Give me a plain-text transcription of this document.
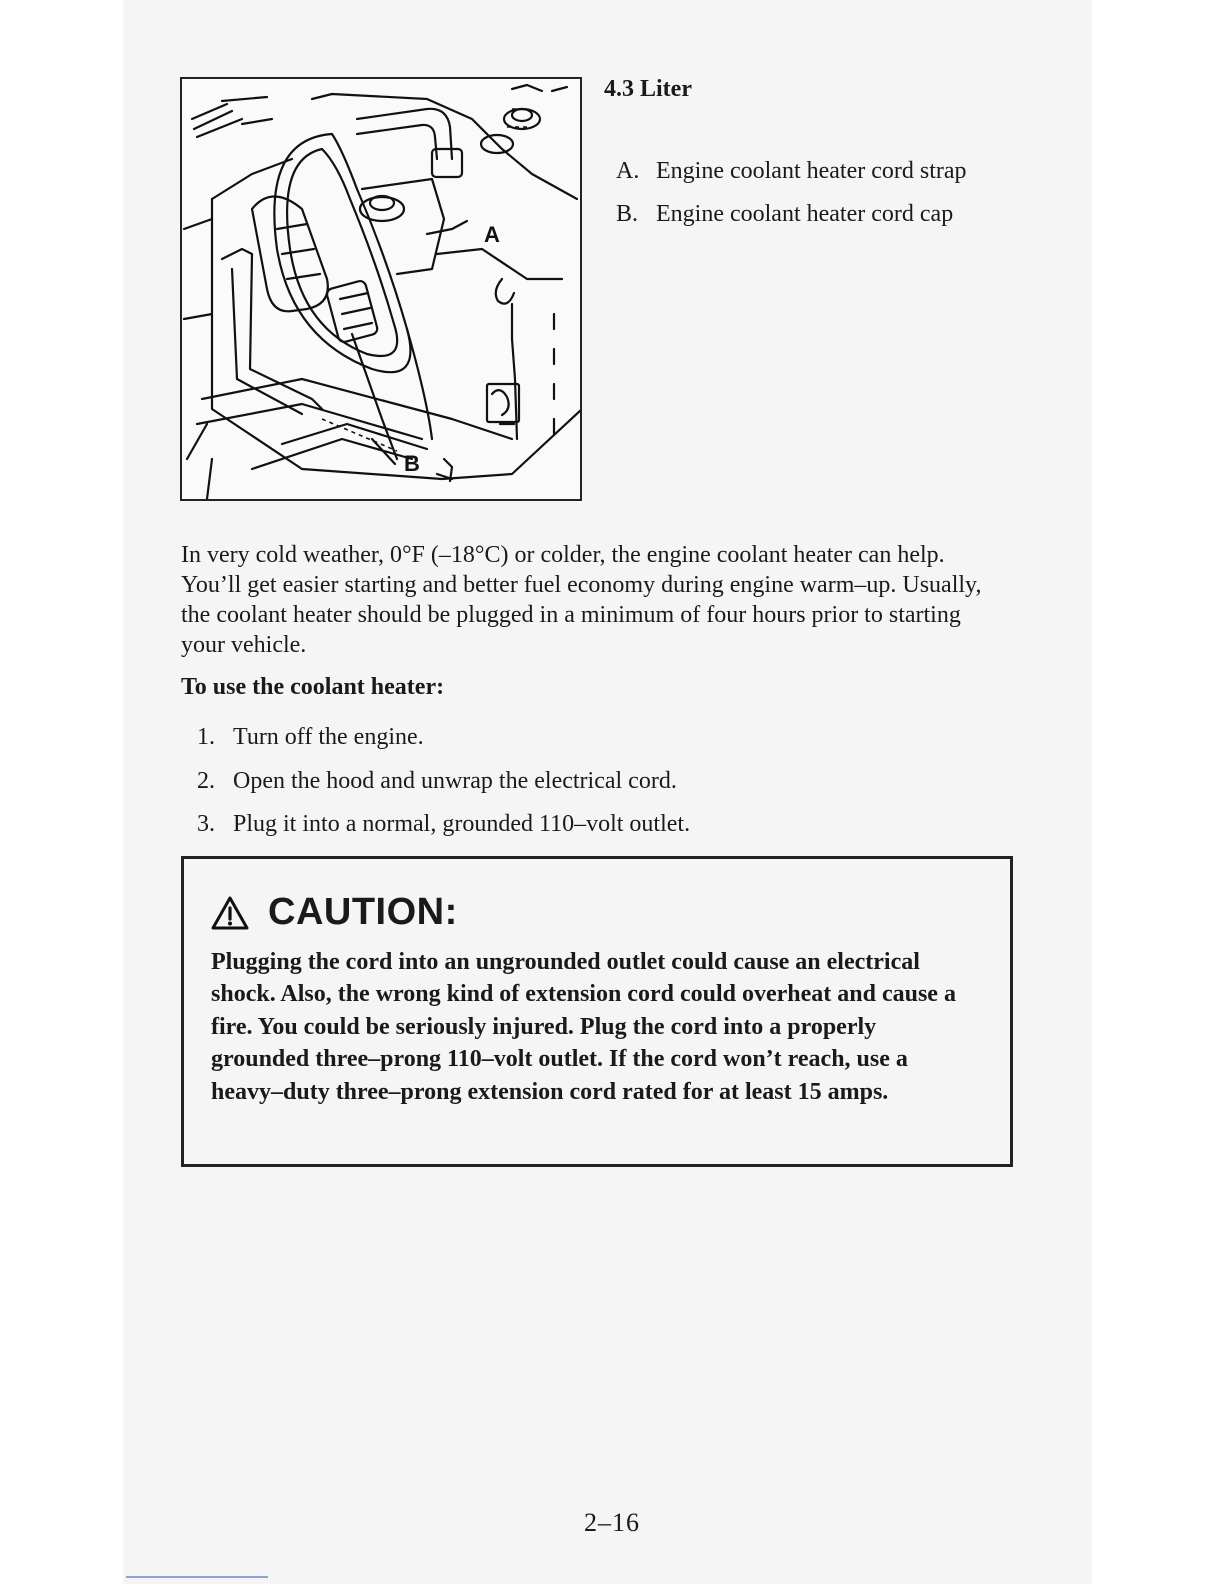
A
B
4.3 Liter
A. Engine coolant heater cord strap
B. Engine coolant heater cord cap
In very cold weather, 0°F (–18°C) or colder, the engine coolant heater can help. You’ll get easier starting and better fuel economy during engine warm–up. Usually, the coolant heater should be plugged in a minimum of four hours prior to starting your vehicle.
To use the coolant heater:
1. Turn off the engine.
2. Open the hood and unwrap the electrical cord.
3. Plug it into a normal, grounded 110–volt outlet.
CAUTION:
Plugging the cord into an ungrounded outlet could cause an electrical shock. Also, the wrong kind of extension cord could overheat and cause a fire. You could be seriously injured. Plug the cord into a properly grounded three–prong 110–volt outlet. If the cord won’t reach, use a heavy–duty three–prong extension cord rated for at least 15 amps.
2–16
